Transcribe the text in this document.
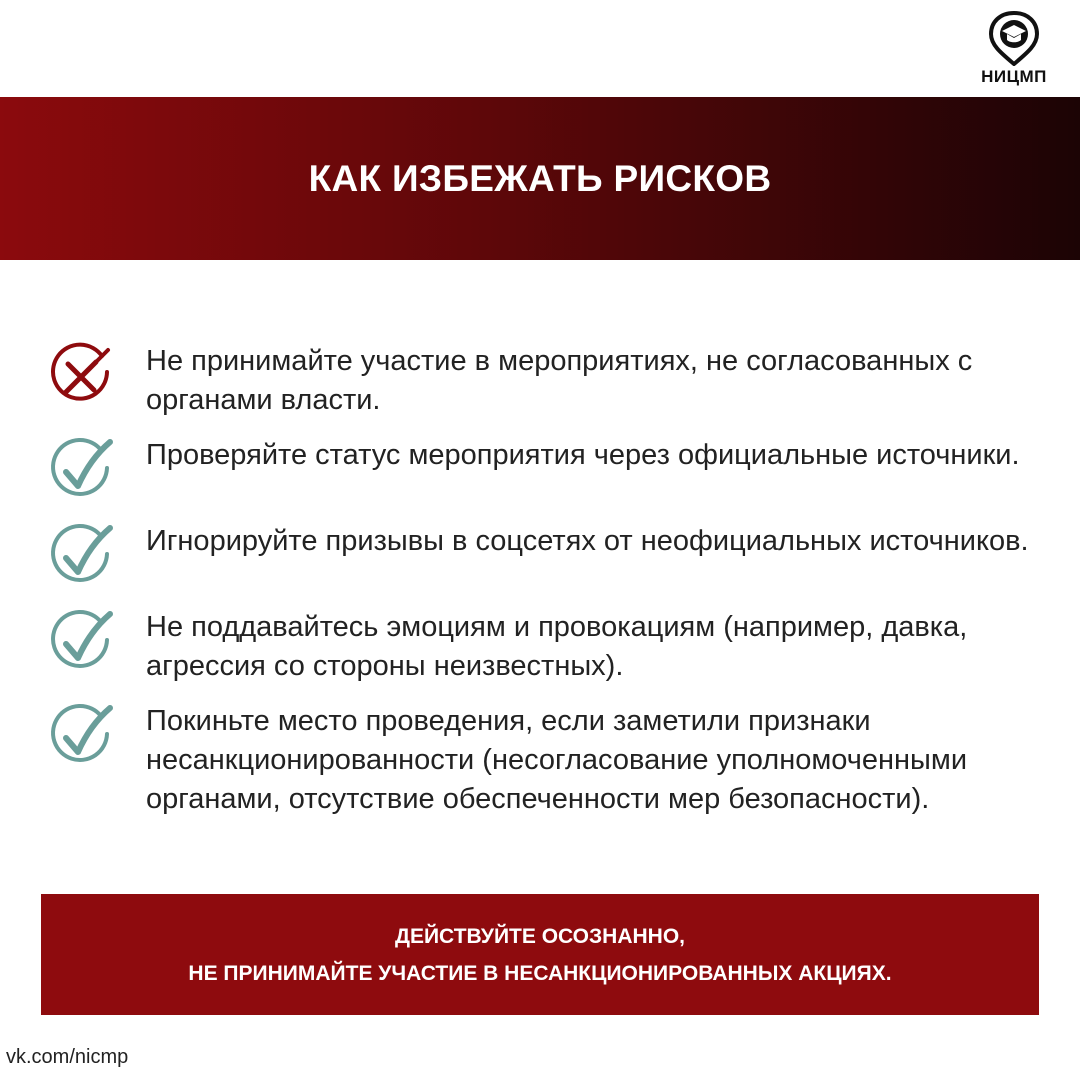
НИЦМП
КАК ИЗБЕЖАТЬ РИСКОВ
Не принимайте участие в мероприятиях, не согласованных с органами власти.
Проверяйте статус мероприятия через официальные источники.
Игнорируйте призывы в соцсетях от неофициальных источников.
Не поддавайтесь эмоциям и провокациям (например, давка, агрессия со стороны неизвестных).
Покиньте место проведения, если заметили признаки несанкционированности (несогласование уполномоченными органами, отсутствие обеспеченности мер безопасности).
ДЕЙСТВУЙТЕ ОСОЗНАННО,
НЕ ПРИНИМАЙТЕ УЧАСТИЕ В НЕСАНКЦИОНИРОВАННЫХ АКЦИЯХ.
vk.com/nicmp
